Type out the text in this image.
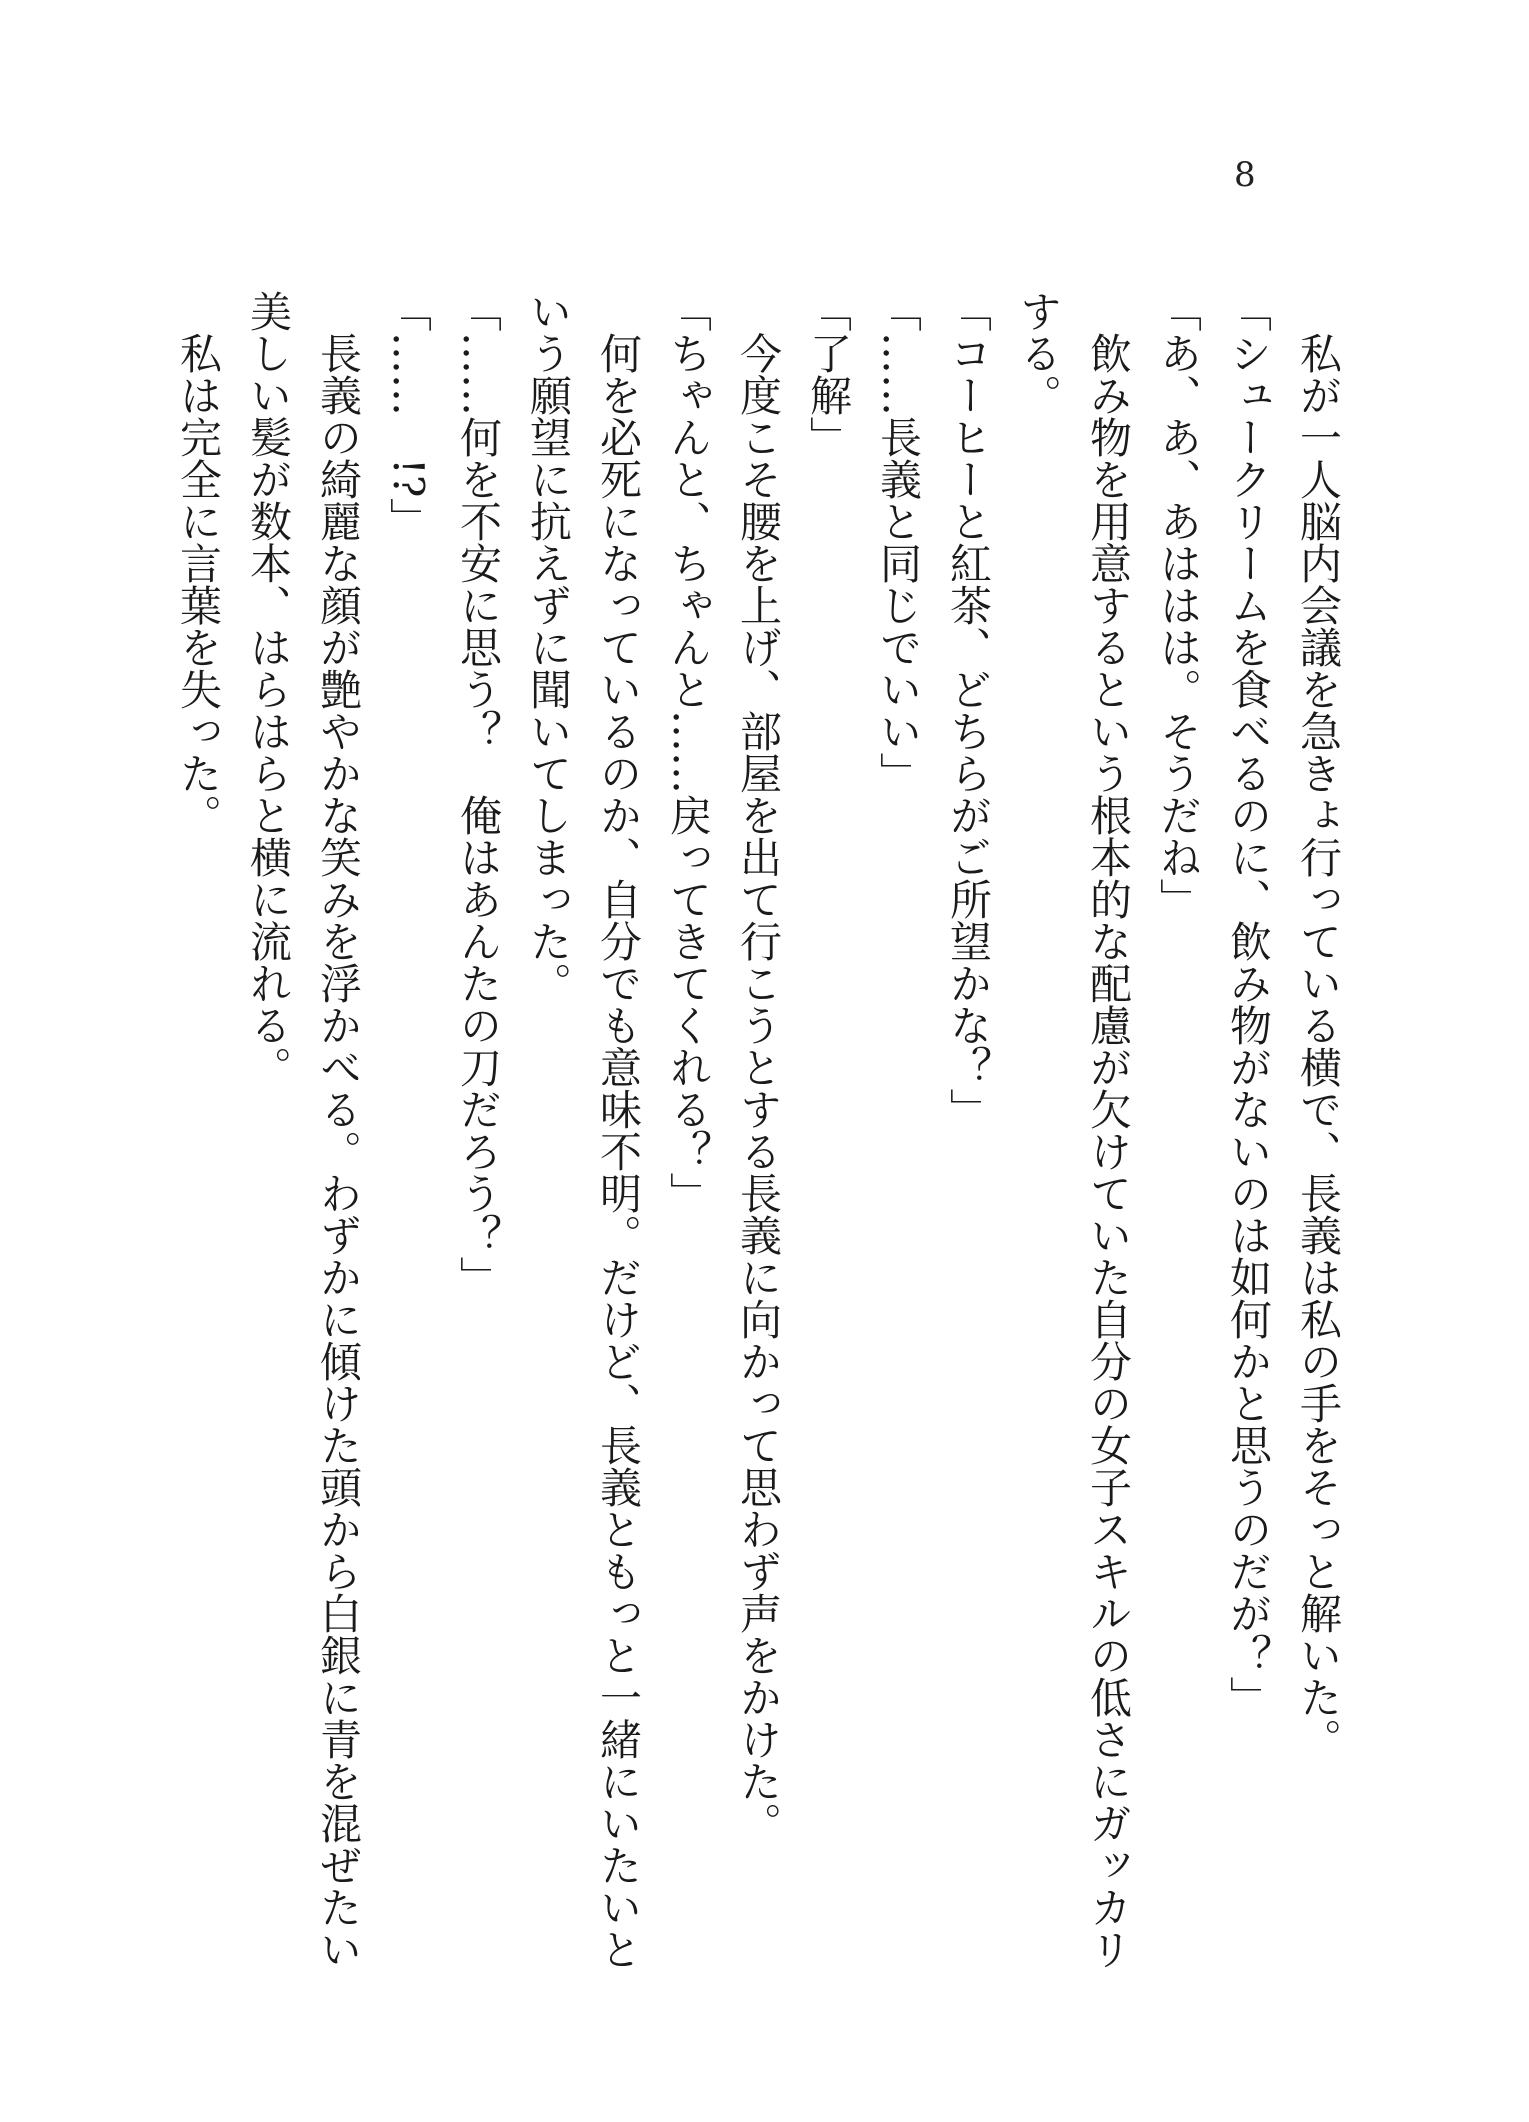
8

私が一人脳内会議を急きょ行っている横で、長義は私の手をそっと解いた。

「シュークリームを食べるのに、飲み物がないのは如何かと思うのだが？」

「あ、あ、あははは。そうだね」

飲み物を用意するという根本的な配慮が欠けていた自分の女子スキルの低さにガッカリ

する。

「コーヒーと紅茶、どちらがご所望かな？」

「……長義と同じでいい」

「了解」

今度こそ腰を上げ、部屋を出て行こうとする長義に向かって思わず声をかけた。

「ちゃんと、ちゃんと……戻ってきてくれる？」

何を必死になっているのか、自分でも意味不明。だけど、長義ともっと一緒にいたいと

いう願望に抗えずに聞いてしまった。

「……何を不安に思う？　俺はあんたの刀だろう？」

「……　!?」

長義の綺麗な顔が艶やかな笑みを浮かべる。わずかに傾けた頭から白銀に青を混ぜたい

美しい髪が数本、はらはらと横に流れる。

私は完全に言葉を失った。
